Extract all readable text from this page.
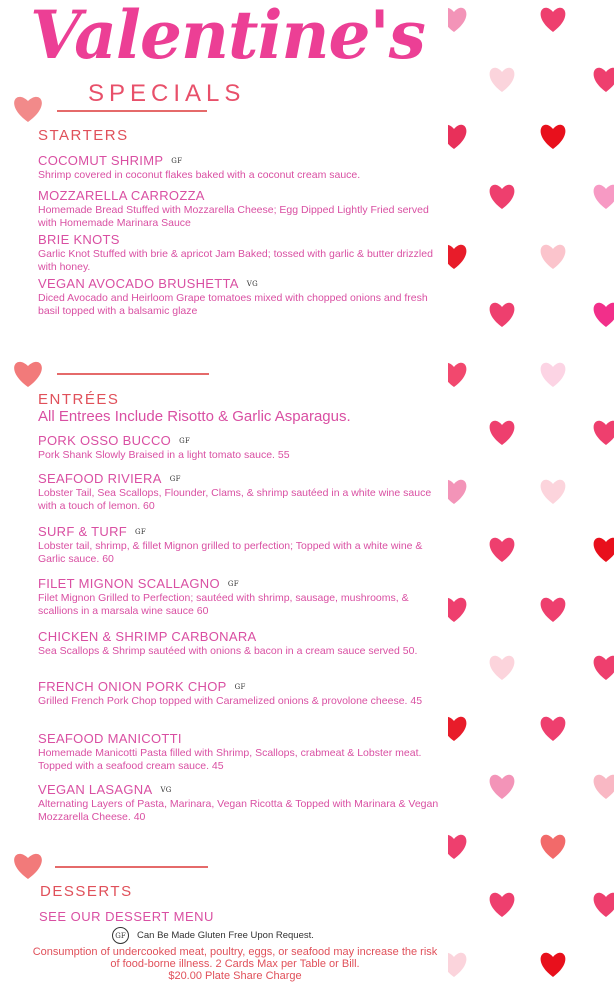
Valentine's
SPECIALS
STARTERS
COCOMUT SHRIMP GF
Shrimp covered in coconut flakes baked with a coconut cream sauce.
MOZZARELLA CARROZZA
Homemade Bread Stuffed with Mozzarella Cheese; Egg Dipped Lightly Fried served with Homemade Marinara Sauce
BRIE KNOTS
Garlic Knot Stuffed with brie & apricot Jam Baked; tossed with garlic & butter drizzled with honey.
VEGAN AVOCADO BRUSHETTA VG
Diced Avocado and Heirloom Grape tomatoes mixed with chopped onions and fresh basil topped with a balsamic glaze
ENTRÉES
All Entrees Include Risotto & Garlic Asparagus.
PORK OSSO BUCCO GF
Pork Shank Slowly Braised in a light tomato sauce. 55
SEAFOOD RIVIERA GF
Lobster Tail, Sea Scallops, Flounder, Clams, & shrimp sautéed in a white wine sauce with a touch of lemon. 60
SURF & TURF GF
Lobster tail, shrimp, & fillet Mignon grilled to perfection; Topped with a white wine & Garlic sauce. 60
FILET MIGNON SCALLAGNO GF
Filet Mignon Grilled to Perfection; sautéed with shrimp, sausage, mushrooms, & scallions in a marsala wine sauce 60
CHICKEN & SHRIMP CARBONARA
Sea Scallops & Shrimp sautéed with onions & bacon in a cream sauce served 50.
FRENCH ONION PORK CHOP GF
Grilled French Pork Chop topped with Caramelized onions & provolone cheese. 45
SEAFOOD MANICOTTI
Homemade Manicotti Pasta filled with Shrimp, Scallops, crabmeat & Lobster meat. Topped with a seafood cream sauce. 45
VEGAN LASAGNA VG
Alternating Layers of Pasta, Marinara, Vegan Ricotta & Topped with Marinara & Vegan Mozzarella Cheese. 40
DESSERTS
SEE OUR DESSERT MENU
GF	Can Be Made Gluten Free Upon Request.
Consumption of undercooked meat, poultry, eggs, or seafood may increase the risk of food-borne illness. 2 Cards Max per Table or Bill.
$20.00 Plate Share Charge
